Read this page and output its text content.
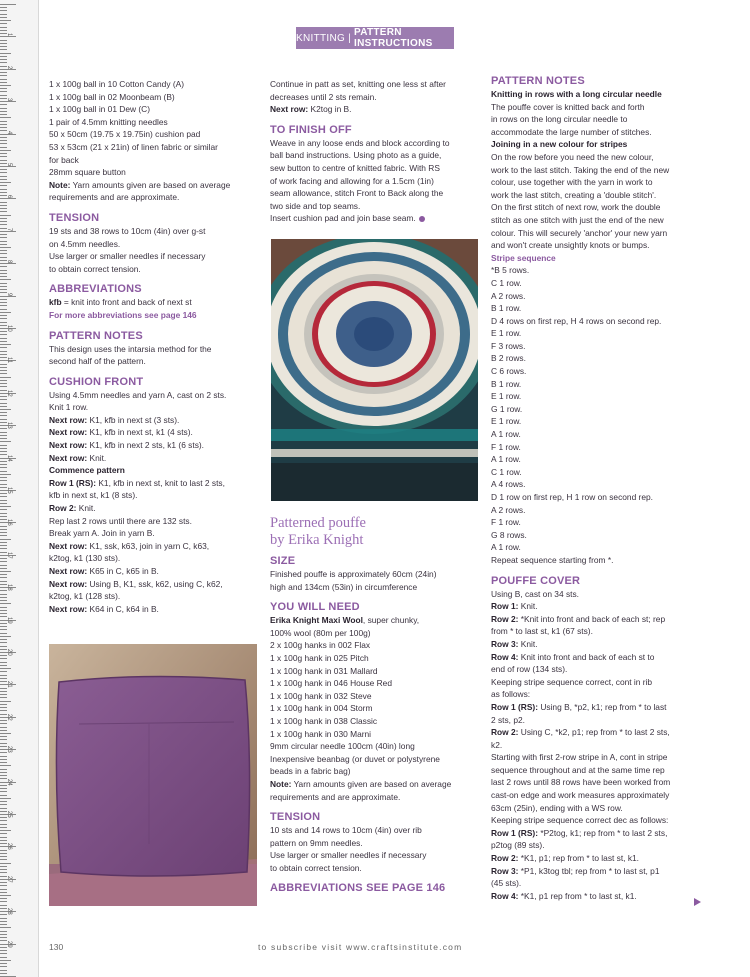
1
2
3
4
5
6
7
8
9
10
11
12
13
14
15
16
17
18
19
20
21
22
23
24
25
26
27
28
29
KNITTING | PATTERN INSTRUCTIONS

1 x 100g ball in 10 Cotton Candy (A)

1 x 100g ball in 02 Moonbeam (B)

1 x 100g ball in 01 Dew (C)

1 pair of 4.5mm knitting needles

50 x 50cm (19.75 x 19.75in) cushion pad

53 x 53cm (21 x 21in) of linen fabric or similar

for back

28mm square button

Note: Yarn amounts given are based on average requirements and are approximate.

TENSION

19 sts and 38 rows to 10cm (4in) over g-st

on 4.5mm needles.

Use larger or smaller needles if necessary

to obtain correct tension.

ABBREVIATIONS

kfb = knit into front and back of next st

For more abbreviations see page 146

PATTERN NOTES

This design uses the intarsia method for the

second half of the pattern.

CUSHION FRONT

Using 4.5mm needles and yarn A, cast on 2 sts.

Knit 1 row.

Next row: K1, kfb in next st (3 sts).

Next row: K1, kfb in next st, k1 (4 sts).

Next row: K1, kfb in next 2 sts, k1 (6 sts).

Next row: Knit.

Commence pattern

Row 1 (RS): K1, kfb in next st, knit to last 2 sts,

kfb in next st, k1 (8 sts).

Row 2: Knit.

Rep last 2 rows until there are 132 sts.

Break yarn A. Join in yarn B.

Next row: K1, ssk, k63, join in yarn C, k63,

k2tog, k1 (130 sts).

Next row: K65 in C, k65 in B.

Next row: Using B, K1, ssk, k62, using C, k62,

k2tog, k1 (128 sts).

Next row: K64 in C, k64 in B.

Continue in patt as set, knitting one less st after

decreases until 2 sts remain.

Next row: K2tog in B.

TO FINISH OFF

Weave in any loose ends and block according to

ball band instructions. Using photo as a guide,

sew button to centre of knitted fabric. With RS

of work facing and allowing for a 1.5cm (1in)

seam allowance, stitch Front to Back along the

two side and top seams.

Insert cushion pad and join base seam.

Patterned pouffe
by Erika Knight
SIZE

Finished pouffe is approximately 60cm (24in)

high and 134cm (53in) in circumference

YOU WILL NEED

Erika Knight Maxi Wool, super chunky,

100% wool (80m per 100g)

2 x 100g hanks in 002 Flax

1 x 100g hank in 025 Pitch

1 x 100g hank in 031 Mallard

1 x 100g hank in 046 House Red

1 x 100g hank in 032 Steve

1 x 100g hank in 004 Storm

1 x 100g hank in 038 Classic

1 x 100g hank in 030 Marni

9mm circular needle 100cm (40in) long

Inexpensive beanbag (or duvet or polystyrene

beads in a fabric bag)

Note: Yarn amounts given are based on average requirements and are approximate.

TENSION

10 sts and 14 rows to 10cm (4in) over rib

pattern on 9mm needles.

Use larger or smaller needles if necessary

to obtain correct tension.

ABBREVIATIONS SEE PAGE 146
PATTERN NOTES

Knitting in rows with a long circular needle

The pouffe cover is knitted back and forth

in rows on the long circular needle to

accommodate the large number of stitches.

Joining in a new colour for stripes

On the row before you need the new colour,

work to the last stitch. Taking the end of the new

colour, use together with the yarn in work to

work the last stitch, creating a 'double stitch'.

On the first stitch of next row, work the double

stitch as one stitch with just the end of the new

colour. This will securely 'anchor' your new yarn

and won't create unsightly knots or bumps.

Stripe sequence

*B 5 rows.

C 1 row.

A 2 rows.

B 1 row.

D 4 rows on first rep, H 4 rows on second rep.

E 1 row.

F 3 rows.

B 2 rows.

C 6 rows.

B 1 row.

E 1 row.

G 1 row.

E 1 row.

A 1 row.

F 1 row.

A 1 row.

C 1 row.

A 4 rows.

D 1 row on first rep, H 1 row on second rep.

A 2 rows.

F 1 row.

G 8 rows.

A 1 row.

Repeat sequence starting from *.

POUFFE COVER

Using B, cast on 34 sts.

Row 1: Knit.

Row 2: *Knit into front and back of each st; rep

from * to last st, k1 (67 sts).

Row 3: Knit.

Row 4: Knit into front and back of each st to

end of row (134 sts).

Keeping stripe sequence correct, cont in rib

as follows:

Row 1 (RS): Using B, *p2, k1; rep from * to last

2 sts, p2.

Row 2: Using C, *k2, p1; rep from * to last 2 sts,

k2.

Starting with first 2-row stripe in A, cont in stripe

sequence throughout and at the same time rep

last 2 rows until 88 rows have been worked from

cast-on edge and work measures approximately

63cm (25in), ending with a WS row.

Keeping stripe sequence correct dec as follows:

Row 1 (RS): *P2tog, k1; rep from * to last 2 sts,

p2tog (89 sts).

Row 2: *K1, p1; rep from * to last st, k1.

Row 3: *P1, k3tog tbl; rep from * to last st, p1

(45 sts).

Row 4: *K1, p1 rep from * to last st, k1.

130	to subscribe visit www.craftsinstitute.com
